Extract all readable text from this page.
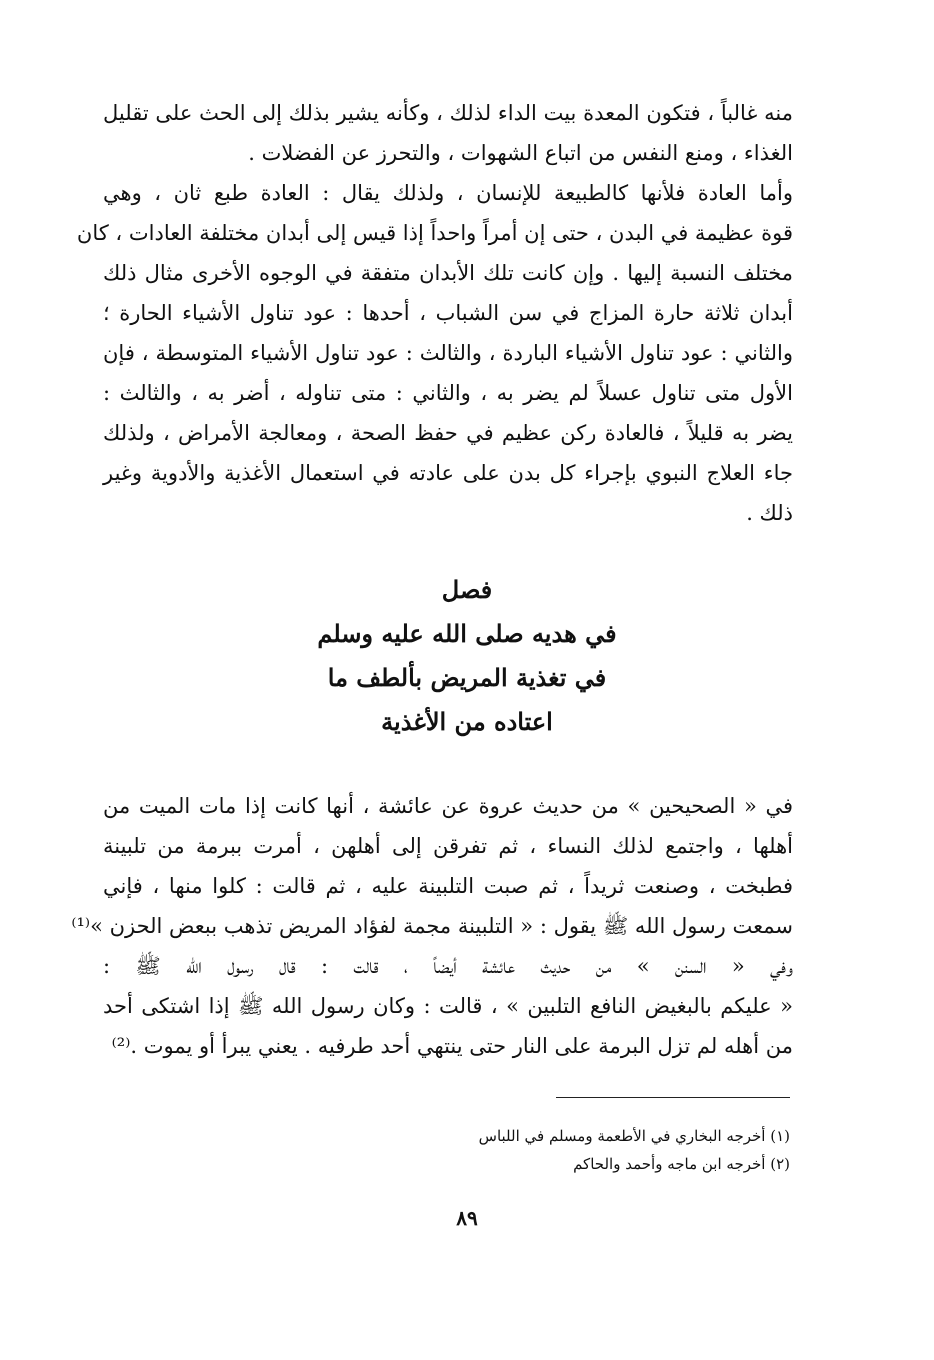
منه غالباً ، فتكون المعدة بيت الداء لذلك ، وكأنه يشير بذلك إلى الحث على تقليل
الغذاء ، ومنع النفس من اتباع الشهوات ، والتحرز عن الفضلات .
وأما العادة فلأنها كالطبيعة للإنسان ، ولذلك يقال : العادة طبع ثان ، وهي
قوة عظيمة في البدن ، حتى إن أمراً واحداً إذا قيس إلى أبدان مختلفة العادات ، كان
مختلف النسبة إليها . وإن كانت تلك الأبدان متفقة في الوجوه الأخرى مثال ذلك
أبدان ثلاثة حارة المزاج في سن الشباب ، أحدها : عود تناول الأشياء الحارة ؛
والثاني : عود تناول الأشياء الباردة ، والثالث : عود تناول الأشياء المتوسطة ، فإن
الأول متى تناول عسلاً لم يضر به ، والثاني : متى تناوله ، أضر به ، والثالث :
يضر به قليلاً ، فالعادة ركن عظيم في حفظ الصحة ، ومعالجة الأمراض ، ولذلك
جاء العلاج النبوي بإجراء كل بدن على عادته في استعمال الأغذية والأدوية وغير
ذلك .
فصل
في هديه صلى الله عليه وسلم
في تغذية المريض بألطف ما
اعتاده من الأغذية
في « الصحيحين » من حديث عروة عن عائشة ، أنها كانت إذا مات الميت من
أهلها ، واجتمع لذلك النساء ، ثم تفرقن إلى أهلهن ، أمرت ببرمة من تلبينة
فطبخت ، وصنعت ثريداً ، ثم صبت التلبينة عليه ، ثم قالت : كلوا منها ، فإني
سمعت رسول الله ﷺ يقول : « التلبينة مجمة لفؤاد المريض تذهب ببعض الحزن »⁽¹⁾
وفي « السنن » من حديث عائشة أيضاً ، قالت : قال رسول الله ﷺ :
« عليكم بالبغيض النافع التلبين » ، قالت : وكان رسول الله ﷺ إذا اشتكى أحد
من أهله لم تزل البرمة على النار حتى ينتهي أحد طرفيه . يعني يبرأ أو يموت .⁽²⁾
(١) أخرجه البخاري في الأطعمة ومسلم في اللباس
(٢) أخرجه ابن ماجه وأحمد والحاكم
٨٩
